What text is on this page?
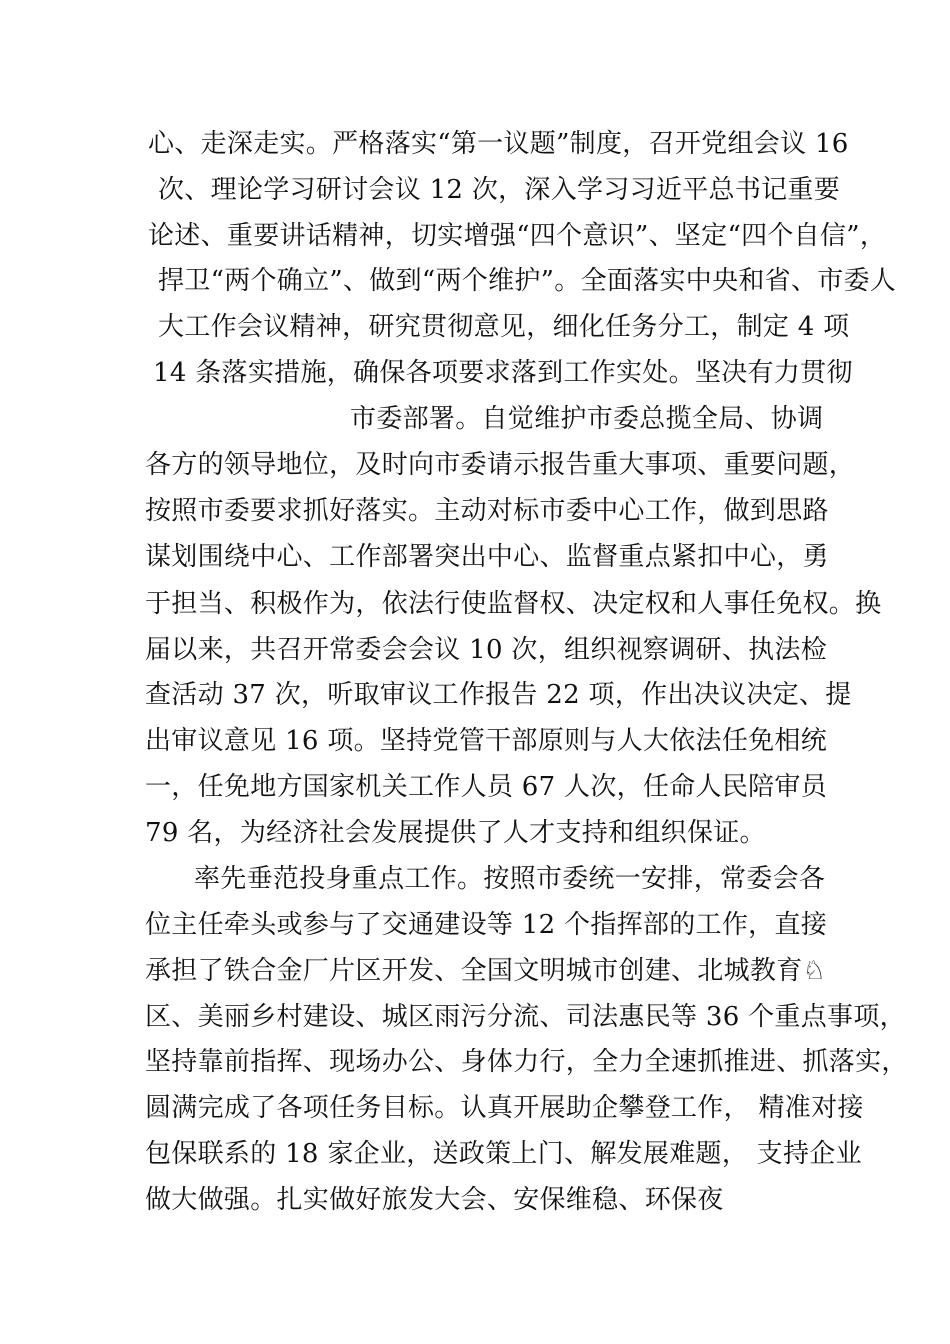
心、走深走实。严格落实“第一议题”制度，召开党组会议 16

次、理论学习研讨会议 12 次，深入学习习近平总书记重要

论述、重要讲话精神，切实增强“四个意识”、坚定“四个自信”，

捍卫“两个确立”、做到“两个维护”。全面落实中央和省、市委人

大工作会议精神，研究贯彻意见，细化任务分工，制定 4 项

14 条落实措施，确保各项要求落到工作实处。坚决有力贯彻

市委部署。自觉维护市委总揽全局、协调

各方的领导地位，及时向市委请示报告重大事项、重要问题，

按照市委要求抓好落实。主动对标市委中心工作，做到思路

谋划围绕中心、工作部署突出中心、监督重点紧扣中心，勇

于担当、积极作为，依法行使监督权、决定权和人事任免权。换

届以来，共召开常委会会议 10 次，组织视察调研、执法检

查活动 37 次，听取审议工作报告 22 项，作出决议决定、提

出审议意见 16 项。坚持党管干部原则与人大依法任免相统

一，任免地方国家机关工作人员 67 人次，任命人民陪审员

79 名，为经济社会发展提供了人才支持和组织保证。

率先垂范投身重点工作。按照市委统一安排，常委会各

位主任牵头或参与了交通建设等 12 个指挥部的工作，直接

承担了铁合金厂片区开发、全国文明城市创建、北城教育♘

区、美丽乡村建设、城区雨污分流、司法惠民等 36 个重点事项，

坚持靠前指挥、现场办公、身体力行，全力全速抓推进、抓落实，

圆满完成了各项任务目标。认真开展助企攀登工作， 精准对接

包保联系的 18 家企业，送政策上门、解发展难题， 支持企业

做大做强。扎实做好旅发大会、安保维稳、环保夜
